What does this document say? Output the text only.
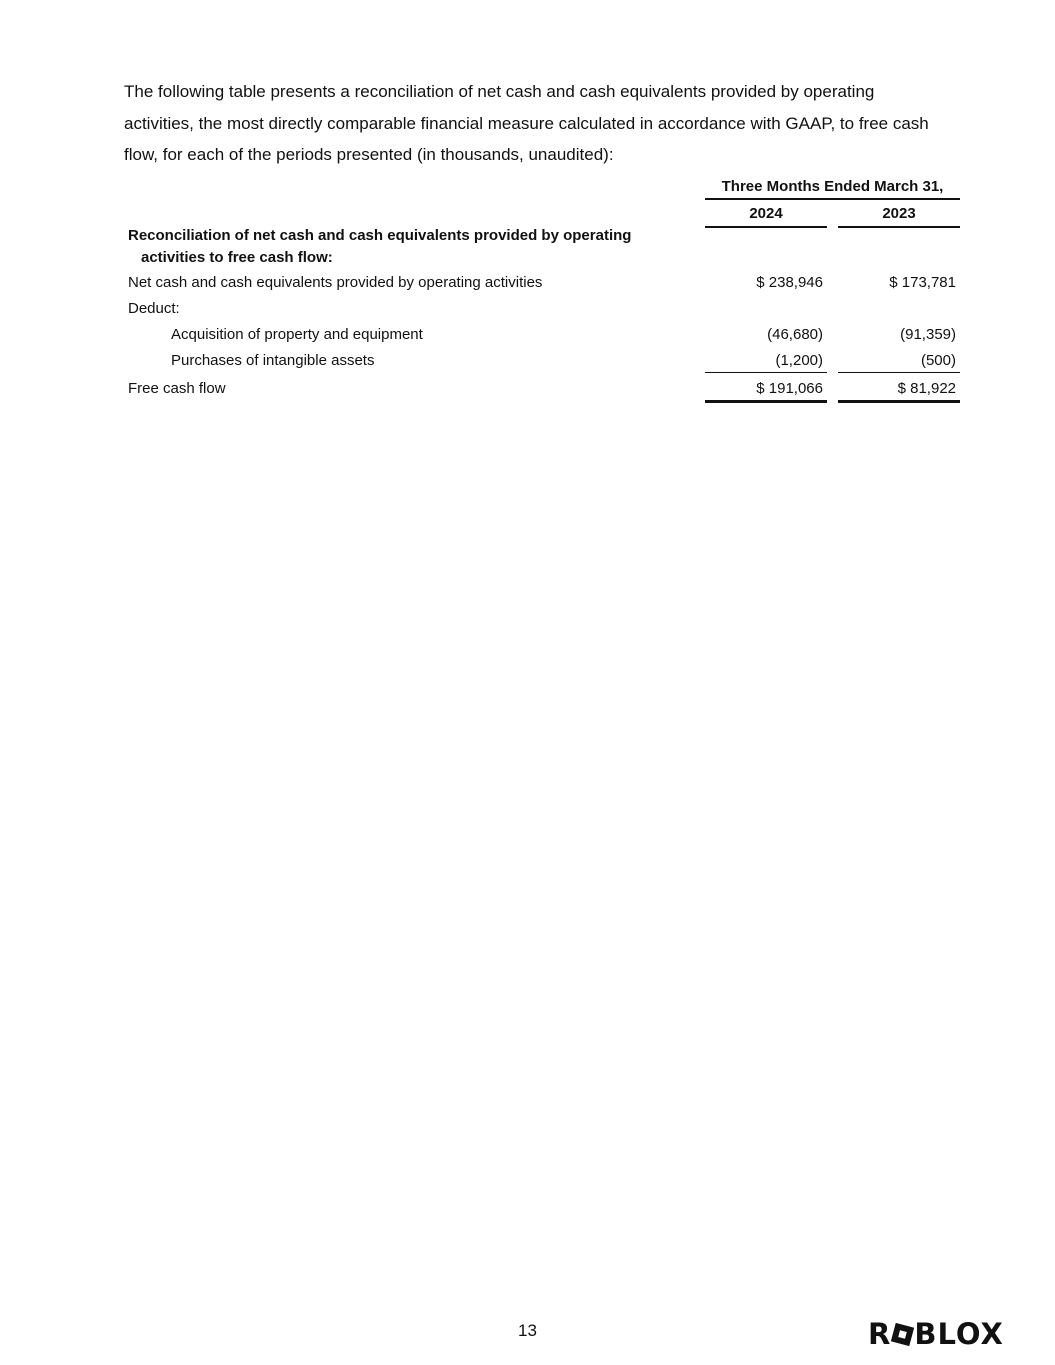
The following table presents a reconciliation of net cash and cash equivalents provided by operating activities, the most directly comparable financial measure calculated in accordance with GAAP, to free cash flow, for each of the periods presented (in thousands, unaudited):

Three Months Ended March 31,
2024	2023
Reconciliation of net cash and cash equivalents provided by operating
activities to free cash flow:
Net cash and cash equivalents provided by operating activities	$ 238,946	$ 173,781
Deduct:
Acquisition of property and equipment	(46,680)	(91,359)
Purchases of intangible assets	(1,200)	(500)
Free cash flow	$ 191,066	$ 81,922
13	R BLOX
